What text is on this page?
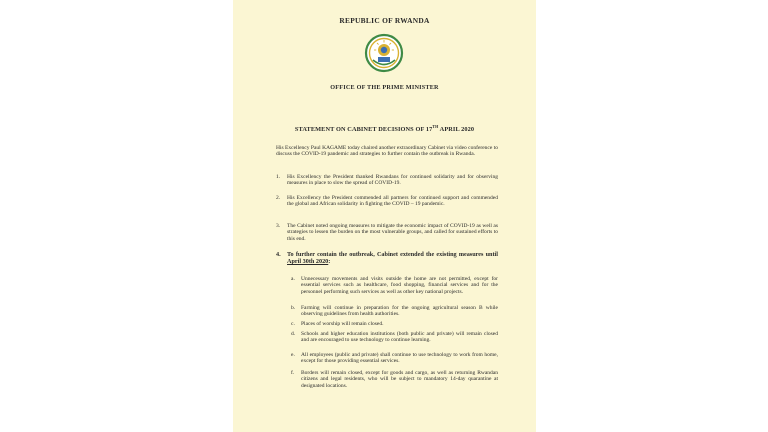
REPUBLIC OF RWANDA
OFFICE OF THE PRIME MINISTER
STATEMENT ON CABINET DECISIONS OF 17TH APRIL 2020
His Excellency Paul KAGAME today chaired another extraordinary Cabinet via video conference to discuss the COVID-19 pandemic and strategies to further contain the outbreak in Rwanda.
1. His Excellency the President thanked Rwandans for continued solidarity and for observing measures in place to slow the spread of COVID-19.
2. His Excellency the President commended all partners for continued support and commended the global and African solidarity in fighting the COVID – 19 pandemic.
3. The Cabinet noted ongoing measures to mitigate the economic impact of COVID-19 as well as strategies to lessen the burden on the most vulnerable groups, and called for sustained efforts to this end.
4. To further contain the outbreak, Cabinet extended the existing measures until April 30th 2020:
a. Unnecessary movements and visits outside the home are not permitted, except for essential services such as healthcare, food shopping, financial services and for the personnel performing such services as well as other key national projects.
b. Farming will continue in preparation for the ongoing agricultural season B while observing guidelines from health authorities.
c. Places of worship will remain closed.
d. Schools and higher education institutions (both public and private) will remain closed and are encouraged to use technology to continue learning.
e. All employees (public and private) shall continue to use technology to work from home, except for those providing essential services.
f. Borders will remain closed, except for goods and cargo, as well as returning Rwandan citizens and legal residents, who will be subject to mandatory 14-day quarantine at designated locations.
